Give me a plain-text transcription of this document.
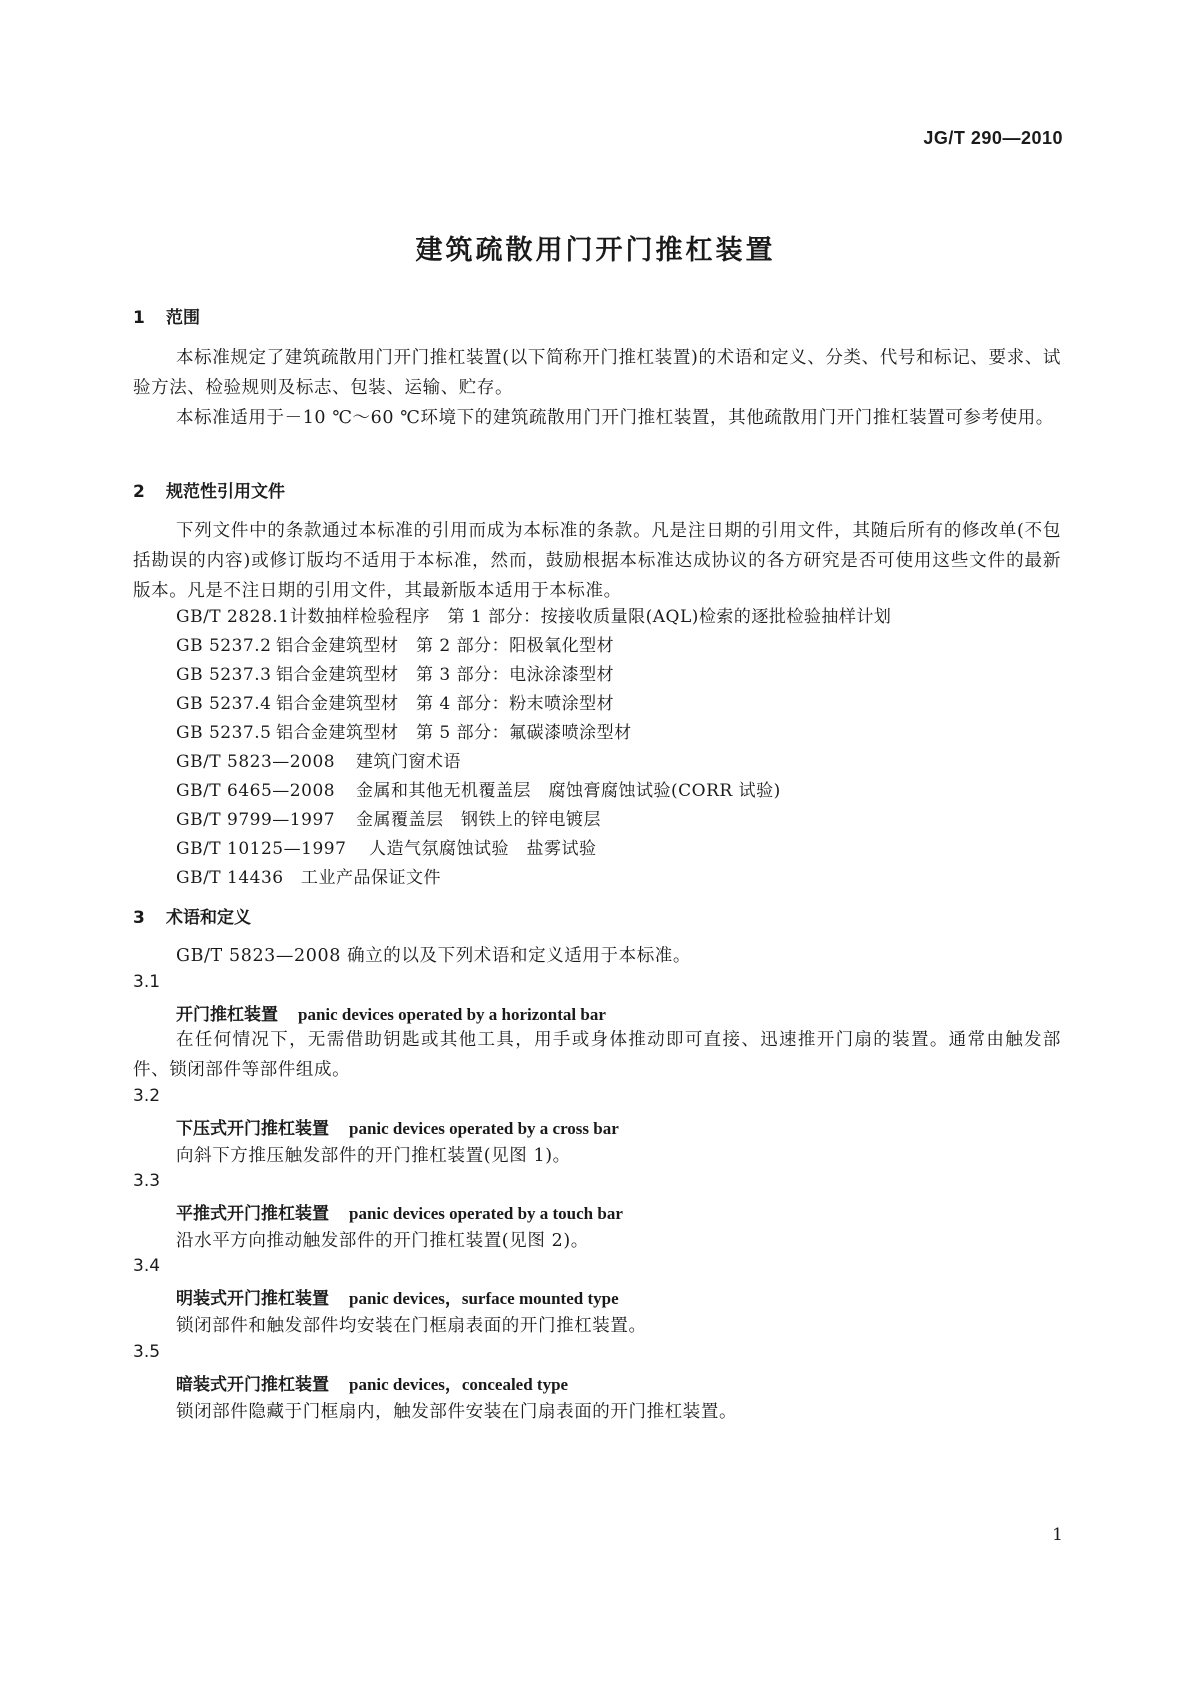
JG/T 290—2010
建筑疏散用门开门推杠装置
1 范围
本标准规定了建筑疏散用门开门推杠装置(以下简称开门推杠装置)的术语和定义、分类、代号和标记、要求、试验方法、检验规则及标志、包装、运输、贮存。
本标准适用于－10 ℃～60 ℃环境下的建筑疏散用门开门推杠装置，其他疏散用门开门推杠装置可参考使用。
2 规范性引用文件
下列文件中的条款通过本标准的引用而成为本标准的条款。凡是注日期的引用文件，其随后所有的修改单(不包括勘误的内容)或修订版均不适用于本标准，然而，鼓励根据本标准达成协议的各方研究是否可使用这些文件的最新版本。凡是不注日期的引用文件，其最新版本适用于本标准。
GB/T 2828.1计数抽样检验程序　第 1 部分：按接收质量限(AQL)检索的逐批检验抽样计划
GB 5237.2 铝合金建筑型材　第 2 部分：阳极氧化型材
GB 5237.3 铝合金建筑型材　第 3 部分：电泳涂漆型材
GB 5237.4 铝合金建筑型材　第 4 部分：粉末喷涂型材
GB 5237.5 铝合金建筑型材　第 5 部分：氟碳漆喷涂型材
GB/T 5823—2008 建筑门窗术语
GB/T 6465—2008 金属和其他无机覆盖层　腐蚀膏腐蚀试验(CORR 试验)
GB/T 9799—1997 金属覆盖层　钢铁上的锌电镀层
GB/T 10125—1997 人造气氛腐蚀试验　盐雾试验
GB/T 14436 工业产品保证文件
3 术语和定义
GB/T 5823—2008 确立的以及下列术语和定义适用于本标准。
3.1
开门推杠装置 panic devices operated by a horizontal bar
在任何情况下，无需借助钥匙或其他工具，用手或身体推动即可直接、迅速推开门扇的装置。通常由触发部件、锁闭部件等部件组成。
3.2
下压式开门推杠装置 panic devices operated by a cross bar
向斜下方推压触发部件的开门推杠装置(见图 1)。
3.3
平推式开门推杠装置 panic devices operated by a touch bar
沿水平方向推动触发部件的开门推杠装置(见图 2)。
3.4
明装式开门推杠装置 panic devices，surface mounted type
锁闭部件和触发部件均安装在门框扇表面的开门推杠装置。
3.5
暗装式开门推杠装置 panic devices，concealed type
锁闭部件隐藏于门框扇内，触发部件安装在门扇表面的开门推杠装置。
1
